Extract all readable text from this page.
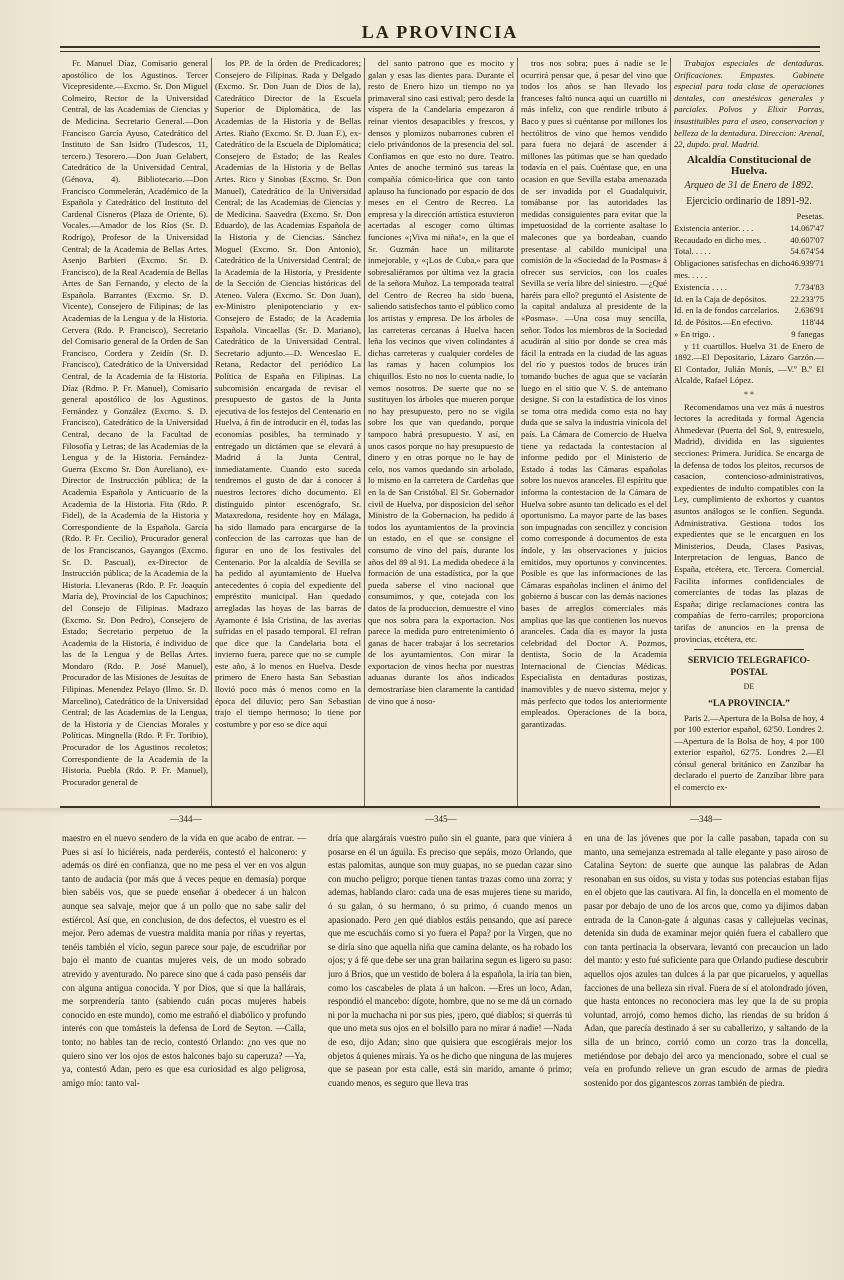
LA PROVINCIA

Fr. Manuel Díaz, Comisario general apostólico de los Agustinos. Tercer Vicepresidente.—Excmo. Sr. Don Miguel Colmeiro, Rector de la Universidad Central, de las Academias de Ciencias y de Medicina. Secretario General.—Don Francisco García Ayuso, Catedrático del Instituto de San Isidro (Tudescos, 11, tercero.) Tesorero.—Don Juan Gelabert, Catedrático de la Universidad Central, (Génova, 4). Bibliotecario.—Don Francisco Commelerán, Académico de la Española y Catedrático del Instituto del Cardenal Cisneros (Plaza de Oriente, 6). Vocales.—Amador de los Ríos (Sr. D. Rodrigo), Profesor de la Universidad Central; de la Academia de Bellas Artes. Asenjo Barbieri (Excmo. Sr. D. Francisco), de la Real Academia de Bellas Artes de San Fernando, y electo de la Española. Barrantes (Excmo. Sr. D. Vicente), Consejero de Filipinas; de las Academias de la Lengua y de la Historia. Cervera (Rdo. P. Francisco), Secretario del Comisario general de la Orden de San Francisco, Cordera y Zeidín (Sr. D. Francisco), Catedrático de la Universidad Central, de la Academia de la Historia. Díaz (Rdmo. P. Fr. Manuel), Comisario general apostólico de los Agustinos. Fernández y González (Excmo. S. D. Francisco), Catedrático de la Universidad Central, decano de la Facultad de Filosofía y Letras; de las Academias de la Lengua y de la Historia. Fernández-Guerra (Excmo Sr. Don Aureliano), ex-Director de Instrucción pública; de la Academia Española y Anticuario de la Academia de la Historia. Fita (Rdo. P. Fidel), de la Academia de la Historia y Correspondiente de la Española. García (Rdo. P. Fr. Cecilio), Procurador general de los Franciscanos, Gayangos (Excmo. Sr. D. Pascual), ex-Director de Instrucción pública; de la Academia de la Historia. Llevaneras (Rdo. P. Fr. Joaquín María de), Provincial de los Capuchinos; del Consejo de Filipinas. Madrazo (Excmo. Sr. Don Pedro), Consejero de Estado; Secretario perpetuo de la Academia de la Historia, é individuo de las de la Lengua y de Bellas Artes. Mondaro (Rdo. P. José Manuel), Procurador de las Misiones de Jesuitas de Filipinas. Menendez Pelayo (Ilmo. Sr. D. Marcelino), Catedrático de la Universidad Central; de las Academias de la Lengua, de la Historia y de Ciencias Morales y Políticas. Mingnella (Rdo. P. Fr. Toribio), Procurador de los Agustinos recoletos; Correspondiente de la Academia de la Historia. Puebla (Rdo. P. Fr. Manuel), Procurador general de

los PP. de la órden de Predicadores; Consejero de Filipinas. Rada y Delgado (Excmo. Sr. Don Juan de Dios de la), Catedrático Director de la Escuela Superior de Diplomática, de las Academias de la Historia y de Bellas Artes. Riaño (Excmo. Sr. D. Juan F.), ex-Catedrático de la Escuela de Diplomática; Consejero de Estado; de las Reales Academias de la Historia y de Bellas Artes. Rico y Sinobas (Excmo. Sr. Don Manuel), Catedrático de la Universidad Central; de las Academias de Ciencias y de Medicina. Saavedra (Excmo. Sr. Don Eduardo), de las Academias Española de la Historia y de Ciencias. Sánchez Moguel (Excmo. Sr. Don Antonio), Catedrático de la Universidad Central; de la Academia de la Historia, y Presidente de la Sección de Ciencias históricas del Ateneo. Valera (Excmo. Sr. Don Juan), ex-Ministro plenipotenciario y ex-Consejero de Estado; de la Academia Española. Vincaellas (Sr. D. Mariano), Catedrático de la Universidad Central. Secretario adjunto.—D. Wenceslao E. Retana, Redactor del periódico La Política de España en Filipinas. La subcomisión encargada de revisar el presupuesto de gastos de la Junta ejecutiva de los festejos del Centenario en Huelva, á fin de introducir en él, todas las economías posibles, ha terminado y entregado un dictámen que se elevará á Madrid á la Junta Central, inmediatamente. Cuando esto suceda tendremos el gusto de dar á conocer á nuestros lectores dicho documento. El distinguido pintor escenógrafo, Sr. Mataxredona, residente hoy en Málaga, ha sido llamado para encargarse de la confeccion de las carrozas que han de figurar en uno de los festivales del Centenario. Por la alcaldía de Sevilla se ha pedido al ayuntamiento de Huelva antecedentes ó copia del expediente del empréstito municipal. Han quedado arregladas las hoyas de las barras de Ayamonte é Isla Cristina, de las averias sufridas en el pasado temporal. El refran que dice que la Candelaria bota el invierno fuera, parece que no se cumple este año, á lo menos en Huelva. Desde primero de Enero hasta San Sebastian llovió poco más ó menos como en la época del diluvio; pero San Sebastian trajo el tiempo hermoso; lo tiene por costumbre y por eso se dice aquí

del santo patrono que es mocito y galan y esas las dientes para. Durante el resto de Enero hizo un tiempo no ya primaveral sino casi estival; pero desde la víspera de la Candelaria empezaron á reinar vientos desapacibles y frescos, y densos y plomizos nubarrones cubren el cielo privándonos de la presencia del sol. Confiamos en que esto no dure. Teatro. Antes de anoche terminó sus tareas la compañía cómico-lírica que con tanto aplauso ha funcionado por espacio de dos meses en el Centro de Recreo. La empresa y la dirección artística estuvieron acertadas al escoger como últimas funciones «¡Viva mi niña!», en la que el Sr. Guzmán hace un militarote inmejorable, y «¡Los de Cuba,» para que sobresaliéramos por última vez la gracia de la señora Muñoz. La temporada teatral del Centro de Recreo ha sido buena, saliendo satisfechos tanto el público como los artistas y empresa. De los árboles de las carreteras cercanas á Huelva hacen leña los vecinos que viven colindantes á dichas carreteras y cualquier cordeles de las ramas y hacen columpios los chiquillos. Esto no nos lo cuenta nadie, lo vemos nosotros. De suerte que no se sustituyen los árboles que mueren porque no hay presupuesto, pero no se vigila sobre los que van quedando, porque tampoco habrá presupuesto. Y así, en unos casos porque no hay presupuesto de dinero y en otras porque no le hay de celo, nos vamos quedando sin arbolado, lo mismo en la carretera de Cardeñas que en la de San Cristóbal. El Sr. Gobernador civil de Huelva, por disposicion del señor Ministro de la Gobernacion, ha pedido á todos los ayuntamientos de la provincia un estado, en el que se consigne el consumo de vino del país, durante los años del 89 al 91. La medida obedece á la formación de una estadística, por la que pueda saberse el vino nacional que consumimos, y que, cotejada con los datos de la produccion, demuestre el vino que nos sobra para la exportacion. Nos parece la medida puro entretenimiento ó ganas de hacer trabajar á los secretarios de los ayuntamientos. Con mirar la exportacion de vinos hecha por nuestras aduanas durante los años indicados demostraríase bien claramente la cantidad de vino que á noso-

tros nos sobra; pues á nadie se le ocurrirá pensar que, á pesar del vino que todos los años se han llevado los franceses faltó nunca aquí un cuartillo ni más infeliz, con que rendirle tributo á Baco y pues si cuéntanse por millones los hectólitros de vino que hemos vendido para fuera no dejará de ascender á millones las pútimas que se han quedado todavía en el país. Cuéntase que, en una ocasion en que Sevilla estaba amenazada de ser invadida por el Guadalquivir, tomábanse por las autoridades las medidas consiguientes para evitar que la impetuosidad de la corriente asaltase lo malecones que ya bordeaban, cuando presentase al cabildo municipal una comisión de la «Sociedad de la Posmas» á ofrecer sus servicios, con los cuales Sevilla se vería libre del siniestro. —¿Qué haréis para ello? preguntó el Asistente de la capital andaluza al presidente de la «Posmas». —Una cosa muy sencilla, señor. Todos los miembros de la Sociedad acudirán al sitio por donde se crea más fácil la entrada en la ciudad de las aguas del río y puestos todos de bruces irán tomando buches de agua que se vacíarán luego en el sitio que V. S. de antemano designe. Si con la estadística de los vinos se toma otra medida como esta no hay duda que se salva la industria vinícola del país. La Cámara de Comercio de Huelva tiene ya redactada la contestacion al informe pedido por el Ministerio de Estado á todas las Cámaras españolas sobre los nuevos aranceles. El espíritu que informa la contestacion de la Cámara de Huelva sobre asunto tan delicado es el del oportunismo. La mayor parte de las bases son impugnadas con sencillez y concision como corresponde á documentos de esta índole, y las observaciones y juicios emitidos, muy oportunos y convincentes. Posible es que las informaciones de las Cámaras españolas inclinen el ánimo del gobierno á buscar con las demás naciones bases de arreglos comerciales más amplias que las que contienen los nuevos aranceles. Cada día es mayor la justa celebridad del Doctor A. Pozmos, dentista, Socio de la Academia Internacional de Ciencias Médicas. Especialista en dentaduras postizas, inamovibles y de nuevo sistema, mejor y más perfecto que todos los anteriormente empleados. Operaciones de la boca, garantizadas.

Trabajos especiales de dentaduras. Orificaciones. Empastes. Gabinete especial para toda clase de operaciones dentales, con anestésicos generales y parciales. Polvos y Elixir Porras, insustituibles para el aseo, conservacion y belleza de la dentadura. Direccion: Arenal, 22, dupdo. pral. Madrid.

Alcaldía Constitucional de Huelva.
Arqueo de 31 de Enero de 1892.
Ejercicio ordinario de 1891-92.
Pesetas.
Existencia anterior. . . .	14.067'47
Recaudado en dicho mes. .	40.607'07
Total. . . . .	54.674'54
Obligaciones satisfechas en dicho mes. . . . .
46.939'71
Existencia . . . .	7.734'83
Id. en la Caja de depósitos.	22.233'75
Id. en la de fondos carcelarios. 2.636'91
Id. de Pósitos.—En efectivo.	118'44
» En trigo. .	9 fanegas

y 11 cuartillos. Huelva 31 de Enero de 1892.—El Depositario, Lázaro Garzón.—El Contador, Julián Monís, —V.º B.º El Alcalde, Rafael López.

* *

Recomendamos una vez más á nuestros lectores la acreditada y formal Agencia Ahmedevar (Puerta del Sol, 9, entresuelo, Madrid), dividida en las siguientes secciones: Primera. Jurídica. Se encarga de la defensa de todos los pleitos, recursos de casacion, contencioso-administrativos, expedientes de indulto compatibles con la Ley, cumplimiento de exhortos y cuantos asuntos análogos se le confíen. Segunda. Administrativa. Gestiona todos los expedientes que se le encarguen en los Ministerios, Deuda, Clases Pasivas, Interpretacion de lenguas, Banco de España, etcétera, etc. Tercera. Comercial. Facilita informes confidenciales de comerciantes de todas las plazas de España; dirige reclamaciones contra las compañías de ferro-carriles; proporciona tarifas de anuncios en la prensa de provincias, etcétera, etc.

SERVICIO TELEGRAFICO-POSTAL
DE
“LA PROVINCIA.”

Paris 2.—Apertura de la Bolsa de hoy, 4 por 100 exterior español, 62'50. Londres 2.—Apertura de la Bolsa de hoy, 4 por 100 exterior español, 62'75. Londres 2.—El cónsul general británico en Zanzíbar ha declarado el puerto de Zanzíbar libre para el comercio ex-

—344—	—345—	—348—
maestro en el nuevo sendero de la vida en que acabo de entrar. —Pues si así lo hiciéreis, nada perderéis, contestó el halconero: y además os diré en confianza, que no me pesa el ver en vos algun tanto de audacia (por más que á veces peque en demasía) porque bien sabéis vos, que se puede enseñar á obedecer á un halcon aunque sea salvaje, mejor que á un pollo que no sabe salir del estiércol. Así que, en conclusion, de dos defectos, el vuestro es el mejor. Pero ademas de vuestra maldita manía por riñas y reyertas, tenéis también el vicio, segun parece sour paje, de escudriñar por bajo el manto de cuantas mujeres veis, de un modo sobrado atrevido y aventurado. No parece sino que á cada paso penséis dar con alguna antigua conocida. Y por Dios, que si que la hallárais, me sorprendería tanto (sabiendo cuán pocas mujeres habeis conocido en este mundo), como me estrañó el diabólico y profundo interés con que tomásteis la defensa de Lord de Seyton. —Calla, tonto; no hables tan de recio, contestó Orlando: ¿no ves que no quiero sino ver los ojos de estos halcones bajo su caperuza? —Ya, ya, contestó Adan, pero es que esa curiosidad es algo peligrosa, amigo mío: tanto val-
dría que alargárais vuestro puño sin el guante, para que viniera á posarse en él un águila. Es preciso que sepáis, mozo Orlando, que estas palomitas, aunque son muy guapas, no se puedan cazar sino con mucho peligro; porque tienen tantas trazas como una zorra; y ademas, hablando claro: cada una de esas mujeres tiene su marido, ó su galan, ó su hermano, ó su primo, ó cuando menos un apasionado. Pero ¿en qué diablos estáis pensando, que así parece que me escucháis como si yo fuera el Papa? por la Virgen, que no se diría sino que aquella niña que camina delante, os ha robado los ojos; y á fé que debe ser una gran bailarina segun es ligero su paso: juro á Brios, que un vestido de bolera á la española, la iría tan bien, como los cascabeles de plata á un halcon. —Eres un loco, Adan, respondió el mancebo: dígote, hombre, que no se me dá un cornado ni por la muchacha ni por sus pies, ¡pero, qué diablos; si querrás tú que uno meta sus ojos en el bolsillo para no mirar á nadie! —Nada de eso, dijo Adan; sino que quisiera que escogiérais mejor los objetos á quienes mirais. Ya os he dicho que ninguna de las mujeres que se pasean por esta calle, está sin marido, amante ó primo; cuando menos, es seguro que lleva tras
en una de las jóvenes que por la calle pasaban, tapada con su manto, una semejanza estremada al talle elegante y paso airoso de Catalina Seyton: de suerte que aunque las palabras de Adan resonaban en sus oidos, su vista y todas sus potencias estaban fijas en el objeto que las cautivara. Al fin, la doncella en el momento de pasar por debajo de uno de los arcos que, como ya dijimos daban entrada de la Canon-gate á algunas casas y callejuelas vecinas, detenida sin duda de examinar mejor quién fuera el caballero que con tanta pertinacia la observara, levantó con precaucion un lado del manto: y esto fué suficiente para que Orlando pudiese descubrir aquellos ojos azules tan dulces á la par que picaruelos, y aquellas facciones de una belleza sin rival. Fuera de sí el atolondrado jóven, que hasta entonces no reconociera mas ley que la de su propia voluntad, arrojó, como hemos dicho, las riendas de su brídon á Adan, que parecía destinado á ser su caballerizo, y saltando de la silla de un brinco, corrió como un corzo tras la doncella, metiéndose por debajo del arco ya mencionado, sobre el cual se veía en profundo relieve un gran escudo de armas de piedra sostenido por dos gigantescos zorras también de piedra.
